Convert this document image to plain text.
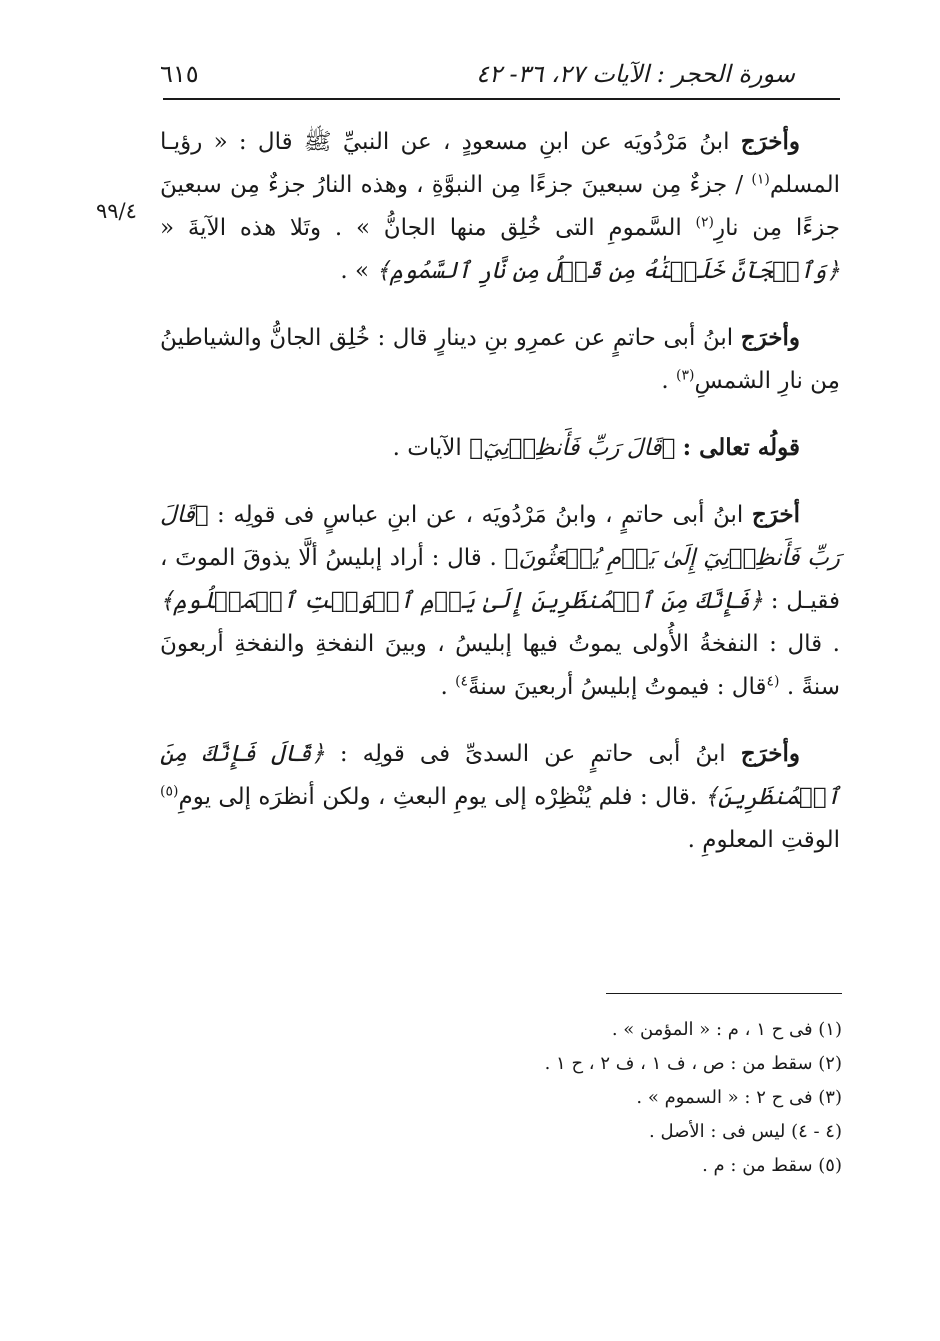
٦١٥	سورة الحجر : الآيات ٢٧، ٣٦- ٤٢
٩٩/٤

وأخرَج ابنُ مَرْدُويَه عن ابنِ مسعودٍ ، عن النبيِّ ﷺ قال : « رؤيـا المسلم$^{(١)}$ / جزءٌ مِن سبعينَ جزءًا مِن النبوَّةِ ، وهذه النارُ جزءٌ مِن سبعينَ جزءًا مِن نارِ$^{(٢)}$ السَّمومِ التى خُلِق منها الجانُّ » . وتَلا هذه الآيةَ « ﴿وَٱلۡجَآنَّ خَلَقۡنَٰهُ مِن قَبۡلُ مِن نَّارِ ٱلسَّمُومِ﴾ » .

وأخرَج ابنُ أبى حاتمٍ عن عمرِو بنِ دينارٍ قال : خُلِق الجانُّ والشياطينُ مِن نارِ الشمسِ$^{(٣)}$ .

قولُه تعالى : ﴿قَالَ رَبِّ فَأَنظِرۡنِيٓ﴾ الآيات .

أخرَج ابنُ أبى حاتمٍ ، وابنُ مَرْدُويَه ، عن ابنِ عباسٍ فى قولِه : ﴿قَالَ رَبِّ فَأَنظِرۡنِيٓ إِلَىٰ يَوۡمِ يُبۡعَثُونَ﴾ . قال : أراد إبليسُ ألَّا يذوقَ الموتَ ، فقيـل : ﴿فَإِنَّكَ مِنَ ٱلۡمُنظَرِينَ إِلَىٰ يَوۡمِ ٱلۡوَقۡتِ ٱلۡمَعۡلُومِ﴾ . قال : النفخةُ الأُولى يموتُ فيها إبليسُ ، وبينَ النفخةِ والنفخةِ أربعونَ سنةً . $^{(٤}$قال : فيموتُ إبليسُ أربعينَ سنةً$^{٤)}$ .

وأخرَج ابنُ أبى حاتمٍ عن السدىِّ فى قولِه : ﴿قَالَ فَإِنَّكَ مِنَ ٱلۡمُنظَرِينَ﴾ .قال : فلم يُنْظِرْه إلى يومِ البعثِ ، ولكن أنظرَه إلى يومِ$^{(٥)}$ الوقتِ المعلومِ .

(١) فى ح ١ ، م : « المؤمن » .

(٢) سقط من : ص ، ف ١ ، ف ٢ ، ح ١ .

(٣) فى ح ٢ : « السموم » .

(٤ - ٤) ليس فى : الأصل .

(٥) سقط من : م .
